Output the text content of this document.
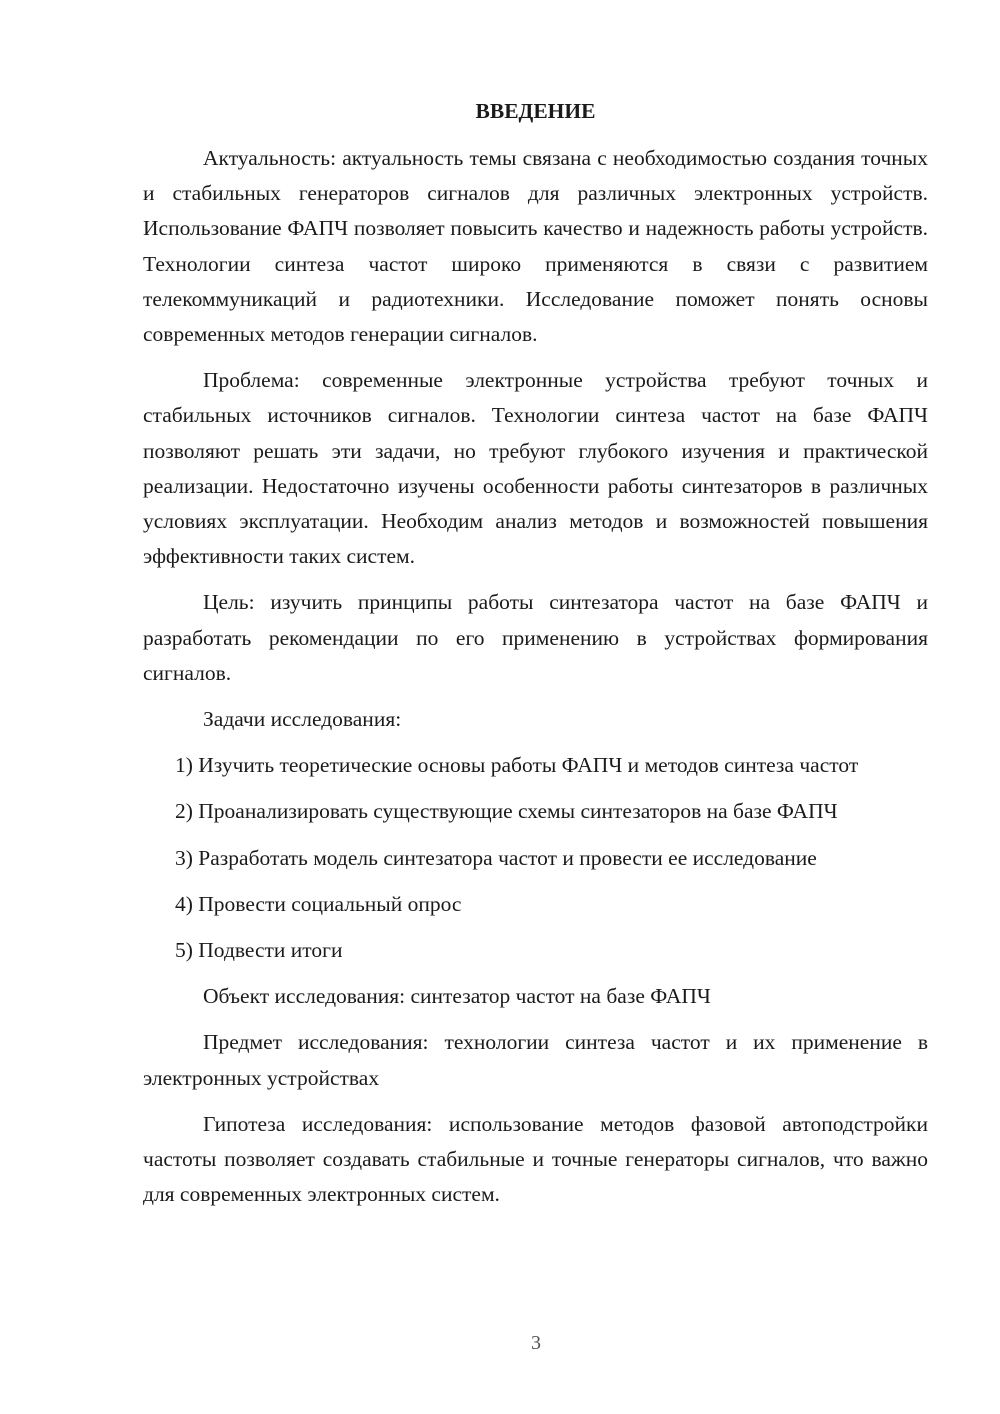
ВВЕДЕНИЕ
Актуальность: актуальность темы связана с необходимостью создания точных и стабильных генераторов сигналов для различных электронных устройств. Использование ФАПЧ позволяет повысить качество и надежность работы устройств. Технологии синтеза частот широко применяются в связи с развитием телекоммуникаций и радиотехники. Исследование поможет понять основы современных методов генерации сигналов.
Проблема: современные электронные устройства требуют точных и стабильных источников сигналов. Технологии синтеза частот на базе ФАПЧ позволяют решать эти задачи, но требуют глубокого изучения и практической реализации. Недостаточно изучены особенности работы синтезаторов в различных условиях эксплуатации. Необходим анализ методов и возможностей повышения эффективности таких систем.
Цель: изучить принципы работы синтезатора частот на базе ФАПЧ и разработать рекомендации по его применению в устройствах формирования сигналов.
Задачи исследования:
1) Изучить теоретические основы работы ФАПЧ и методов синтеза частот
2) Проанализировать существующие схемы синтезаторов на базе ФАПЧ
3) Разработать модель синтезатора частот и провести ее исследование
4) Провести социальный опрос
5) Подвести итоги
Объект исследования: синтезатор частот на базе ФАПЧ
Предмет исследования: технологии синтеза частот и их применение в электронных устройствах
Гипотеза исследования: использование методов фазовой автоподстройки частоты позволяет создавать стабильные и точные генераторы сигналов, что важно для современных электронных систем.
3
